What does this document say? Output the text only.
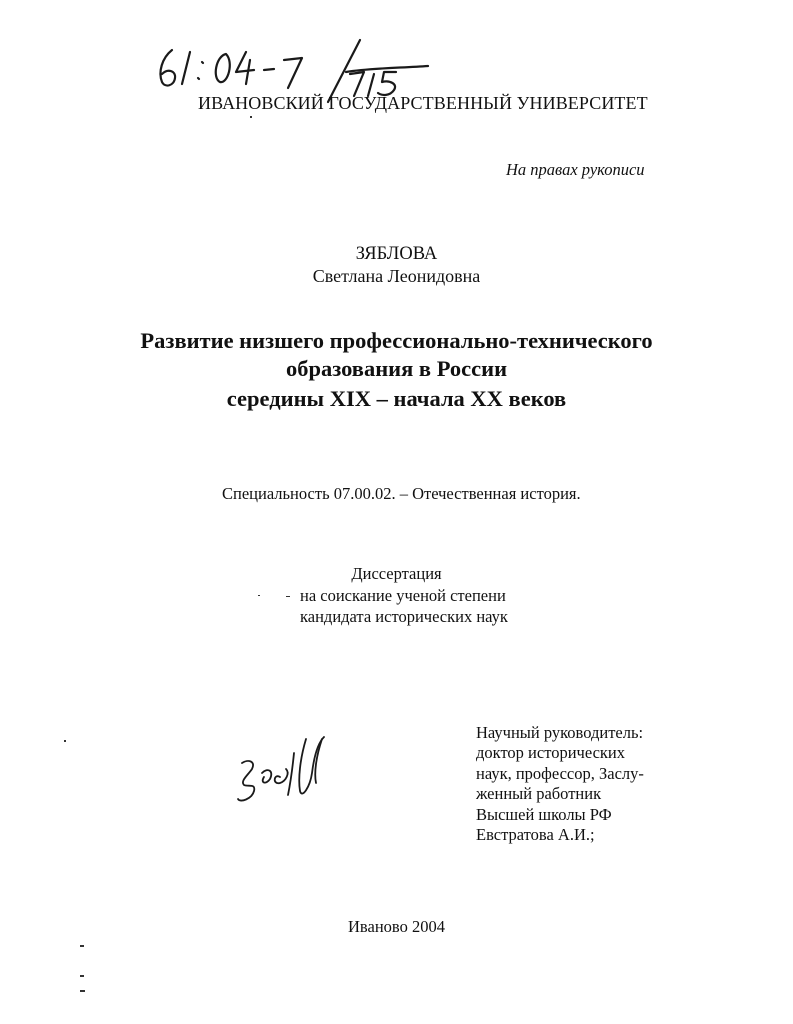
ИВАНОВСКИЙ ГОСУДАРСТВЕННЫЙ УНИВЕРСИТЕТ
На правах рукописи
ЗЯБЛОВА
Светлана Леонидовна
Развитие низшего профессионально-технического
образования в России
середины XIX – начала XX веков
Специальность 07.00.02. – Отечественная история.
Диссертация
на соискание ученой степени
кандидата исторических наук
Научный руководитель:
доктор исторических
наук, профессор, Заслу-
женный работник
Высшей школы РФ
Евстратова А.И.;
Иваново 2004
